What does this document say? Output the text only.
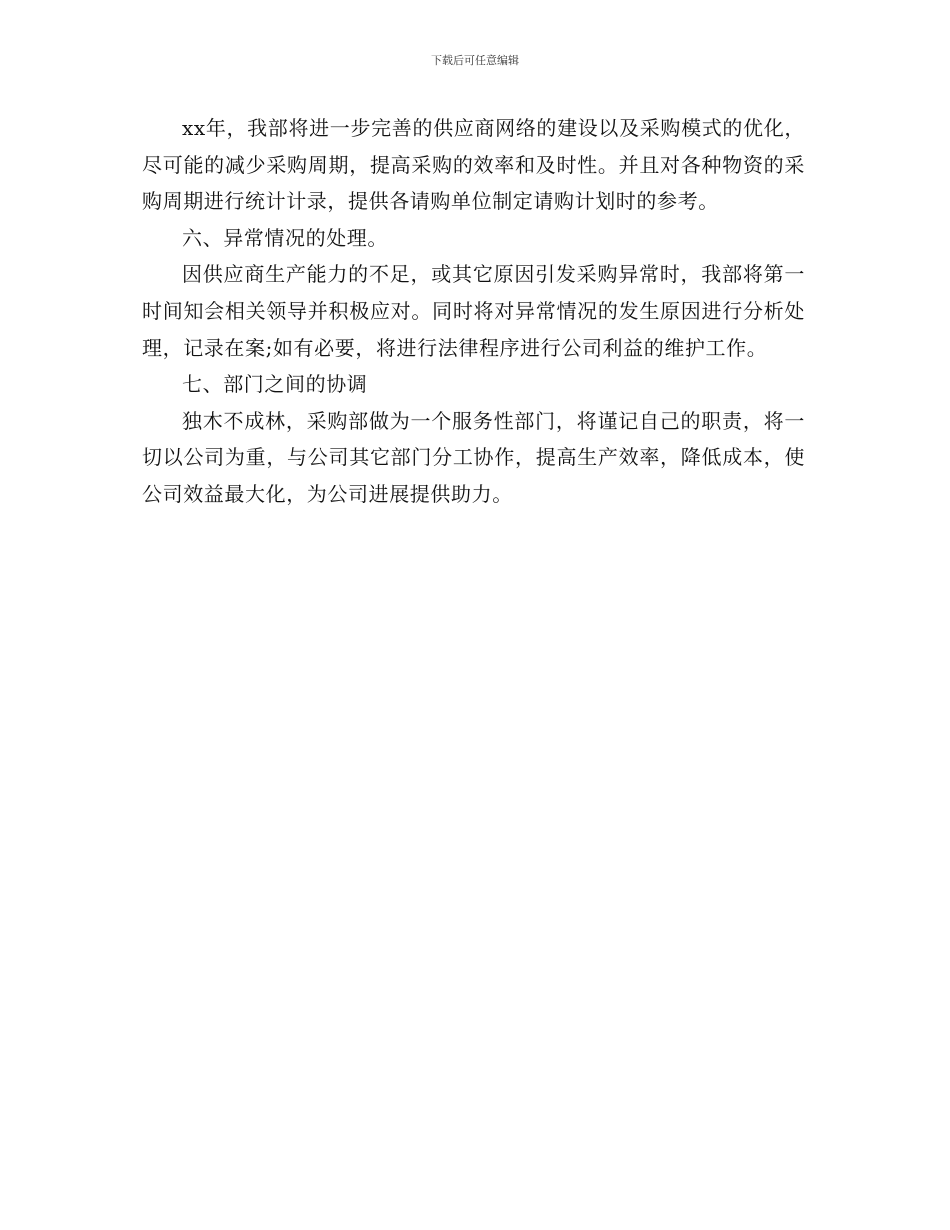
下载后可任意编辑

xx年，我部将进一步完善的供应商网络的建设以及采购模式的优化，尽可能的减少采购周期，提高采购的效率和及时性。并且对各种物资的采购周期进行统计计录，提供各请购单位制定请购计划时的参考。

六、异常情况的处理。

因供应商生产能力的不足，或其它原因引发采购异常时，我部将第一时间知会相关领导并积极应对。同时将对异常情况的发生原因进行分析处理，记录在案;如有必要，将进行法律程序进行公司利益的维护工作。

七、部门之间的协调

独木不成林，采购部做为一个服务性部门，将谨记自己的职责，将一切以公司为重，与公司其它部门分工协作，提高生产效率，降低成本，使公司效益最大化，为公司进展提供助力。
